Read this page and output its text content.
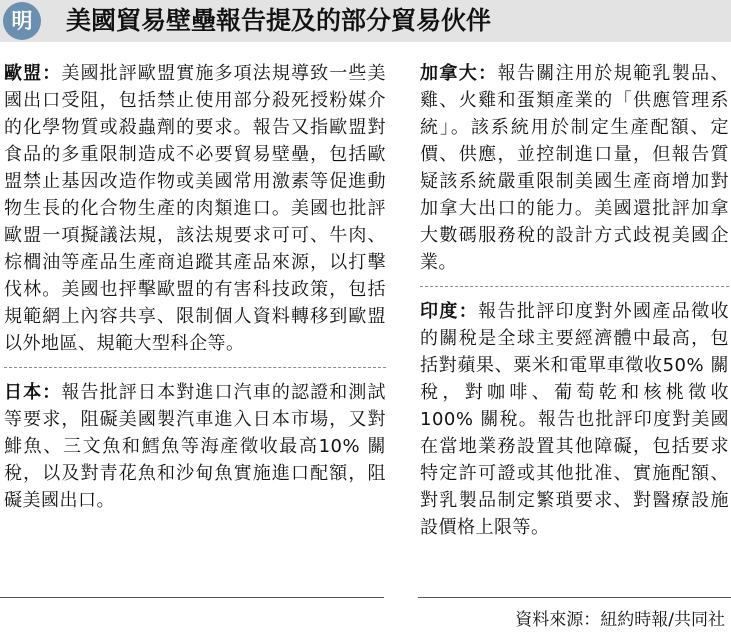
明	美國貿易壁壘報告提及的部分貿易伙伴

歐盟：美國批評歐盟實施多項法規導致一些美國出口受阻，包括禁止使用部分殺死授粉媒介的化學物質或殺蟲劑的要求。報告又指歐盟對食品的多重限制造成不必要貿易壁壘，包括歐盟禁止基因改造作物或美國常用激素等促進動物生長的化合物生產的肉類進口。美國也批評歐盟一項擬議法規，該法規要求可可、牛肉、棕櫚油等產品生產商追蹤其產品來源，以打擊伐林。美國也抨擊歐盟的有害科技政策，包括規範網上內容共享、限制個人資料轉移到歐盟以外地區、規範大型科企等。

日本：報告批評日本對進口汽車的認證和測試等要求，阻礙美國製汽車進入日本市場，又對鯡魚、三文魚和鱈魚等海產徵收最高10% 關稅，以及對青花魚和沙甸魚實施進口配額，阻礙美國出口。

加拿大：報告關注用於規範乳製品、雞、火雞和蛋類產業的「供應管理系統」。該系統用於制定生產配額、定價、供應，並控制進口量，但報告質疑該系統嚴重限制美國生產商增加對加拿大出口的能力。美國還批評加拿大數碼服務稅的設計方式歧視美國企業。

印度：報告批評印度對外國產品徵收的關稅是全球主要經濟體中最高，包括對蘋果、粟米和電單車徵收50% 關稅，對咖啡、葡萄乾和核桃徵收100% 關稅。報告也批評印度對美國在當地業務設置其他障礙，包括要求特定許可證或其他批准、實施配額、對乳製品制定繁瑣要求、對醫療設施設價格上限等。

資料來源：紐約時報/共同社
